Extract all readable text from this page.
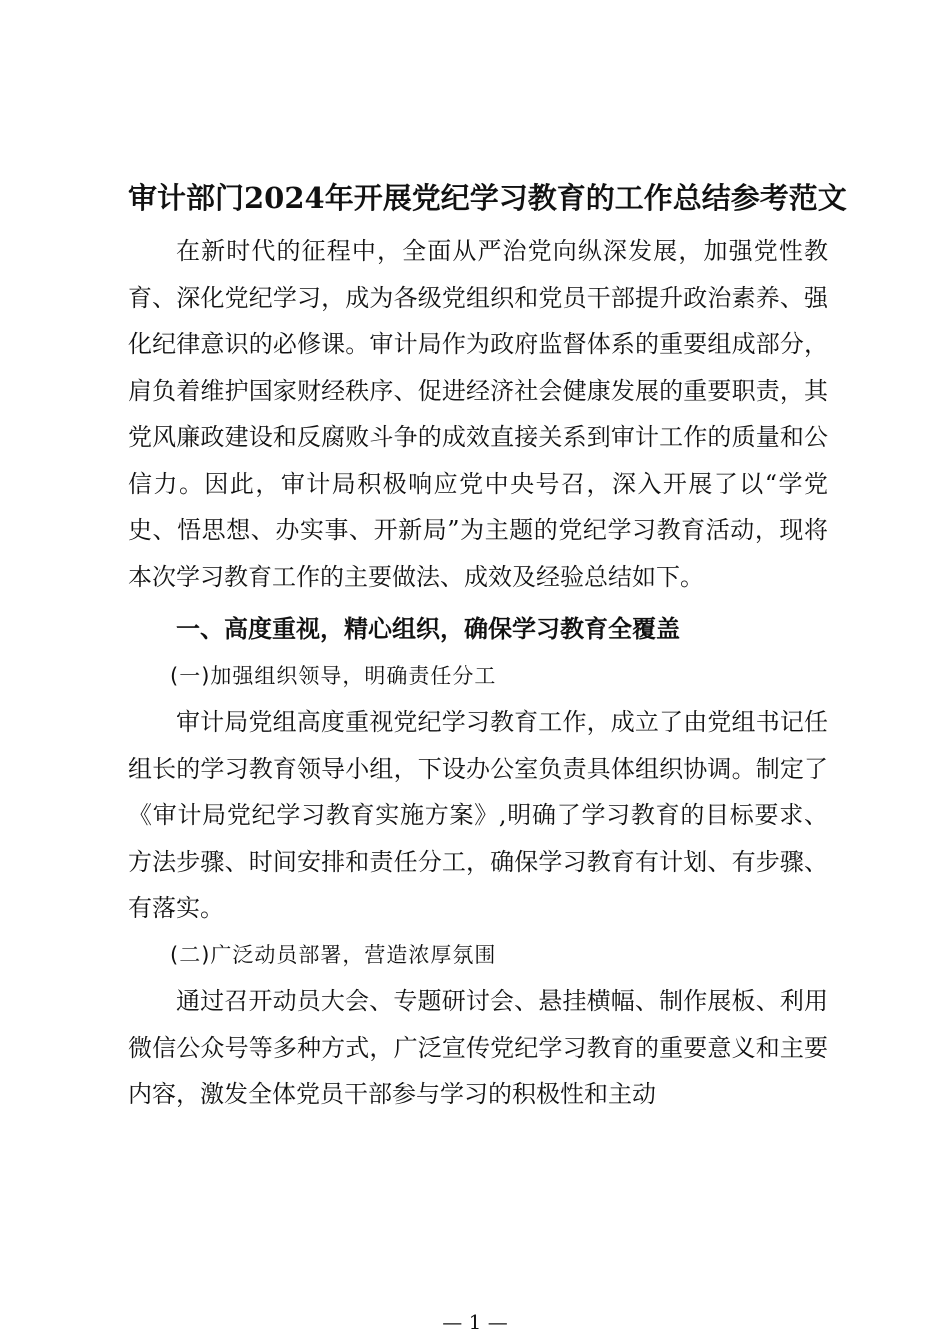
审计部门2024年开展党纪学习教育的工作总结参考范文

在新时代的征程中，全面从严治党向纵深发展，加强党性教育、深化党纪学习，成为各级党组织和党员干部提升政治素养、强化纪律意识的必修课。审计局作为政府监督体系的重要组成部分，肩负着维护国家财经秩序、促进经济社会健康发展的重要职责，其党风廉政建设和反腐败斗争的成效直接关系到审计工作的质量和公信力。因此，审计局积极响应党中央号召，深入开展了以“学党史、悟思想、办实事、开新局”为主题的党纪学习教育活动，现将本次学习教育工作的主要做法、成效及经验总结如下。

一、高度重视，精心组织，确保学习教育全覆盖

(一)加强组织领导，明确责任分工

审计局党组高度重视党纪学习教育工作，成立了由党组书记任组长的学习教育领导小组，下设办公室负责具体组织协调。制定了《审计局党纪学习教育实施方案》,明确了学习教育的目标要求、方法步骤、时间安排和责任分工，确保学习教育有计划、有步骤、有落实。

(二)广泛动员部署，营造浓厚氛围

通过召开动员大会、专题研讨会、悬挂横幅、制作展板、利用微信公众号等多种方式，广泛宣传党纪学习教育的重要意义和主要内容，激发全体党员干部参与学习的积极性和主动

— 1 —
